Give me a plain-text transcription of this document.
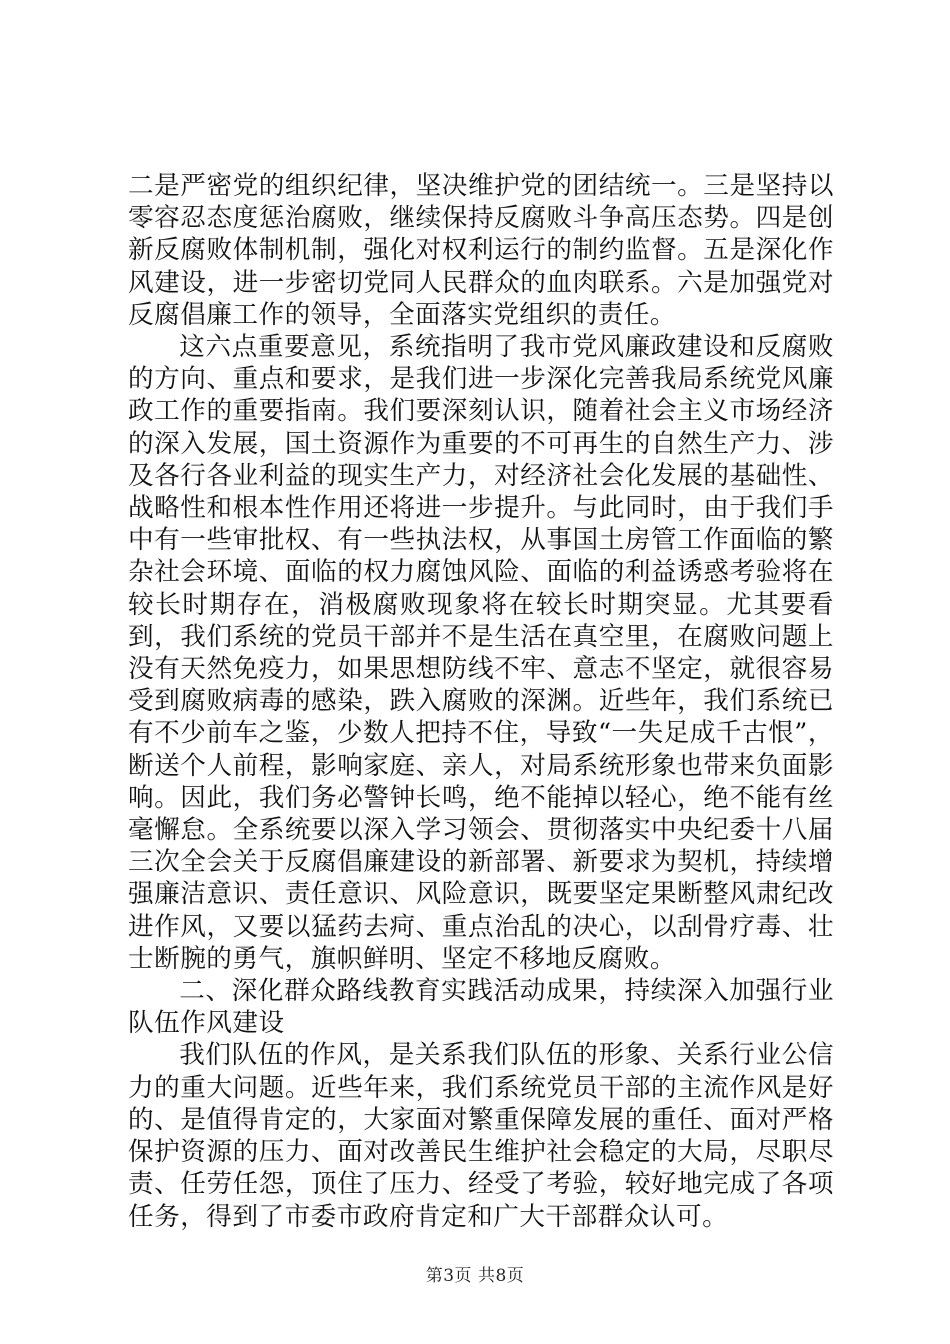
二是严密党的组织纪律，坚决维护党的团结统一。三是坚持以零容忍态度惩治腐败，继续保持反腐败斗争高压态势。四是创新反腐败体制机制，强化对权利运行的制约监督。五是深化作风建设，进一步密切党同人民群众的血肉联系。六是加强党对反腐倡廉工作的领导，全面落实党组织的责任。

这六点重要意见，系统指明了我市党风廉政建设和反腐败的方向、重点和要求，是我们进一步深化完善我局系统党风廉政工作的重要指南。我们要深刻认识，随着社会主义市场经济的深入发展，国土资源作为重要的不可再生的自然生产力、涉及各行各业利益的现实生产力，对经济社会化发展的基础性、战略性和根本性作用还将进一步提升。与此同时，由于我们手中有一些审批权、有一些执法权，从事国土房管工作面临的繁杂社会环境、面临的权力腐蚀风险、面临的利益诱惑考验将在较长时期存在，消极腐败现象将在较长时期突显。尤其要看到，我们系统的党员干部并不是生活在真空里，在腐败问题上没有天然免疫力，如果思想防线不牢、意志不坚定，就很容易受到腐败病毒的感染，跌入腐败的深渊。近些年，我们系统已有不少前车之鉴，少数人把持不住，导致“一失足成千古恨”，断送个人前程，影响家庭、亲人，对局系统形象也带来负面影响。因此，我们务必警钟长鸣，绝不能掉以轻心，绝不能有丝毫懈怠。全系统要以深入学习领会、贯彻落实中央纪委十八届三次全会关于反腐倡廉建设的新部署、新要求为契机，持续增强廉洁意识、责任意识、风险意识，既要坚定果断整风肃纪改进作风，又要以猛药去疴、重点治乱的决心，以刮骨疗毒、壮士断腕的勇气，旗帜鲜明、坚定不移地反腐败。

二、深化群众路线教育实践活动成果，持续深入加强行业队伍作风建设

我们队伍的作风，是关系我们队伍的形象、关系行业公信力的重大问题。近些年来，我们系统党员干部的主流作风是好的、是值得肯定的，大家面对繁重保障发展的重任、面对严格保护资源的压力、面对改善民生维护社会稳定的大局，尽职尽责、任劳任怨，顶住了压力、经受了考验，较好地完成了各项任务，得到了市委市政府肯定和广大干部群众认可。

第3页 共8页
